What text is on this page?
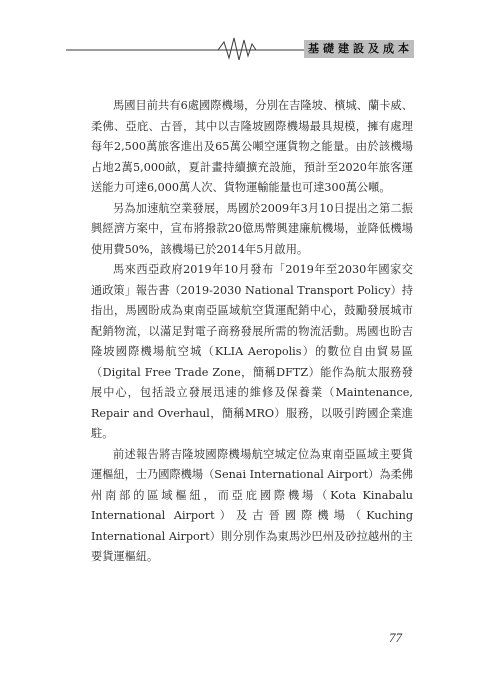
基礎建設及成本

馬國目前共有6處國際機場，分別在吉隆坡、檳城、蘭卡威、柔佛、亞庇、古晉，其中以吉隆坡國際機場最具規模，擁有處理每年2,500萬旅客進出及65萬公噸空運貨物之能量。由於該機場占地2萬5,000畝，夏計畫持續擴充設施，預計至2020年旅客運送能力可達6,000萬人次、貨物運輸能量也可達300萬公噸。

另為加速航空業發展，馬國於2009年3月10日提出之第二振興經濟方案中，宣布將撥款20億馬幣興建廉航機場，並降低機場使用費50%，該機場已於2014年5月啟用。

馬來西亞政府2019年10月發布「2019年至2030年國家交通政策」報告書（2019-2030 National Transport Policy）持指出，馬國盼成為東南亞區域航空貨運配銷中心，鼓勵發展城市配銷物流，以滿足對電子商務發展所需的物流活動。馬國也盼吉隆坡國際機場航空城（KLIA Aeropolis）的數位自由貿易區（Digital Free Trade Zone，簡稱DFTZ）能作為航太服務發展中心，包括設立發展迅速的維修及保養業（Maintenance, Repair and Overhaul，簡稱MRO）服務，以吸引跨國企業進駐。

前述報告將吉隆坡國際機場航空城定位為東南亞區域主要貨運樞紐，士乃國際機場（Senai International Airport）為柔佛州南部的區域樞紐，而亞庇國際機場（Kota Kinabalu International Airport）及古晉國際機場（Kuching International Airport）則分別作為東馬沙巴州及砂拉越州的主要貨運樞紐。

77
